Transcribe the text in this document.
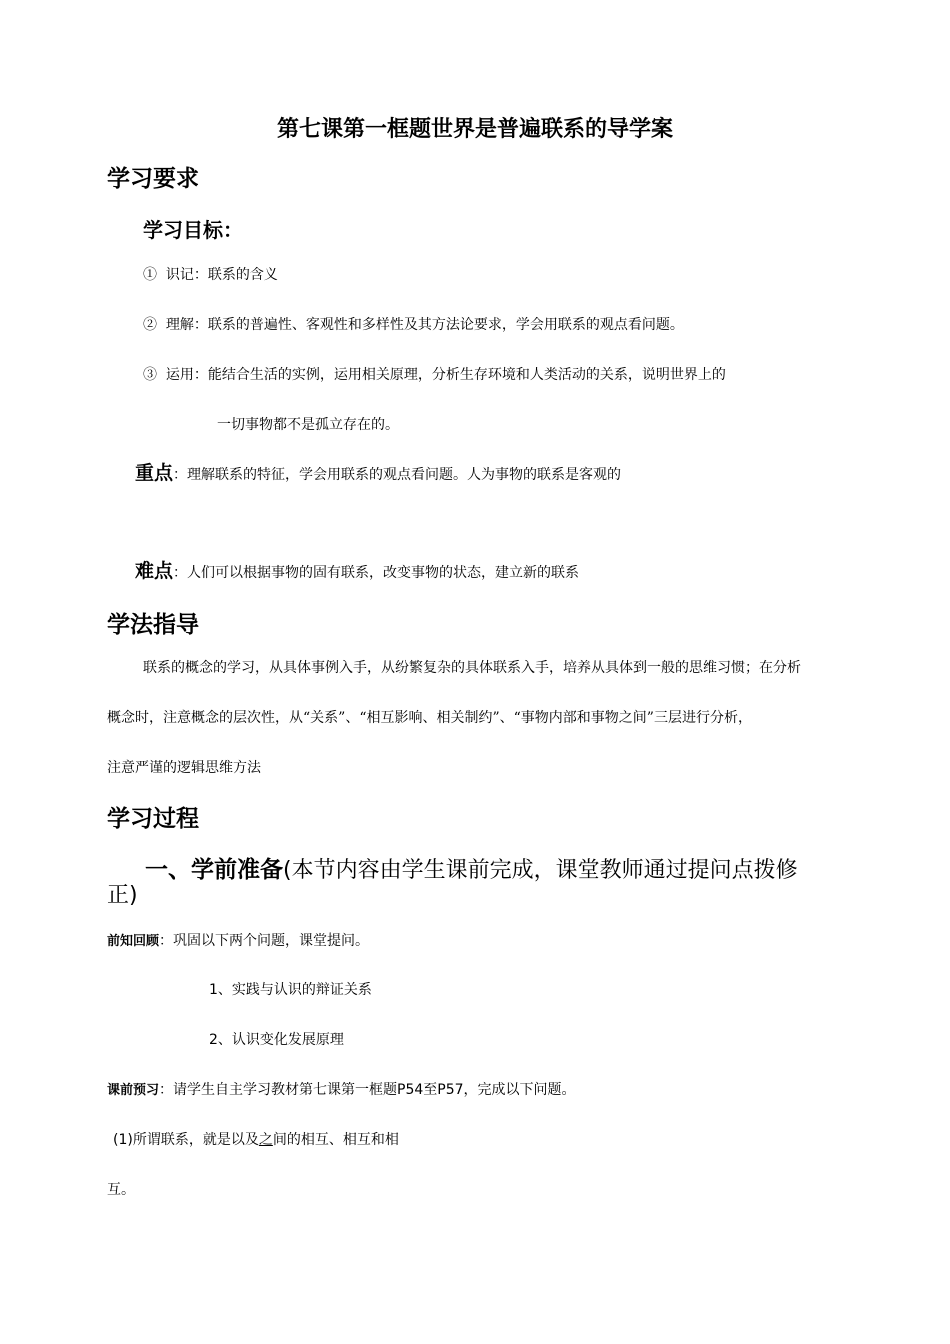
第七课第一框题世界是普遍联系的导学案
学习要求
学习目标：
① 识记：联系的含义
② 理解：联系的普遍性、客观性和多样性及其方法论要求，学会用联系的观点看问题。
③ 运用：能结合生活的实例，运用相关原理，分析生存环境和人类活动的关系，说明世界上的
一切事物都不是孤立存在的。
重点：理解联系的特征，学会用联系的观点看问题。人为事物的联系是客观的
难点：人们可以根据事物的固有联系，改变事物的状态，建立新的联系
学法指导
联系的概念的学习，从具体事例入手，从纷繁复杂的具体联系入手，培养从具体到一般的思维习惯；在分析
概念时，注意概念的层次性，从“关系”、“相互影响、相关制约”、“事物内部和事物之间”三层进行分析，
注意严谨的逻辑思维方法
学习过程
一、学前准备(本节内容由学生课前完成，课堂教师通过提问点拨修
正)
前知回顾：巩固以下两个问题，课堂提问。
1、实践与认识的辩证关系
2、认识变化发展原理
课前预习：请学生自主学习教材第七课第一框题P54至P57，完成以下问题。
(1)所谓联系，就是以及之间的相互、相互和相
互。
